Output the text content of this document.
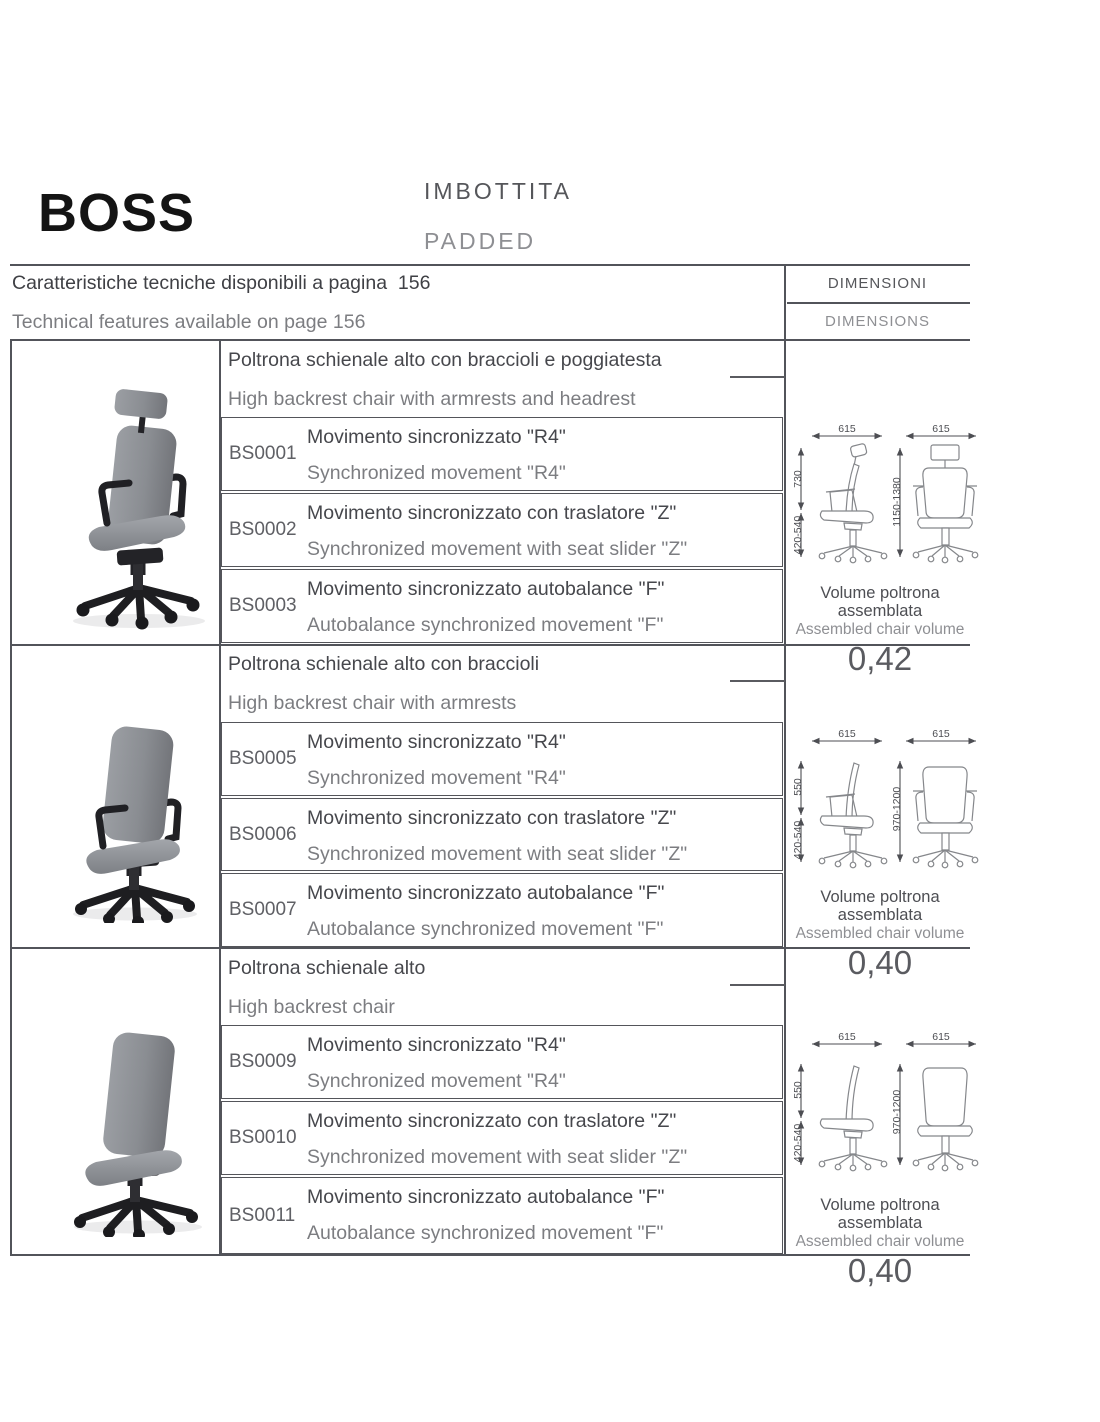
BOSS	IMBOTTITA
PADDED
Caratteristiche tecniche disponibili a pagina  156
Technical features available on page 156
DIMENSIONI
DIMENSIONS
Poltrona schienale alto con braccioli e poggiatesta
High backrest chair with armrests and headrest
BS0001
Movimento sincronizzato "R4"
Synchronized movement "R4"
BS0002
Movimento sincronizzato con traslatore "Z"
Synchronized movement with seat slider "Z"
BS0003
Movimento sincronizzato autobalance "F"
Autobalance synchronized movement "F"
615	615
730
420-540
1150-1380
Volume poltrona assemblata
Assembled chair volume
0,42
Poltrona schienale alto con braccioli
High backrest chair with armrests
BS0005
Movimento sincronizzato "R4"
Synchronized movement "R4"
BS0006
Movimento sincronizzato con traslatore "Z"
Synchronized movement with seat slider "Z"
BS0007
Movimento sincronizzato autobalance "F"
Autobalance synchronized movement "F"
615	615
550
420-540
970-1200
Volume poltrona assemblata
Assembled chair volume
0,40
Poltrona schienale alto
High backrest chair
BS0009
Movimento sincronizzato "R4"
Synchronized movement "R4"
BS0010
Movimento sincronizzato con traslatore "Z"
Synchronized movement with seat slider "Z"
BS0011
Movimento sincronizzato autobalance "F"
Autobalance synchronized movement "F"
615	615
550
420-540
970-1200
Volume poltrona assemblata
Assembled chair volume
0,40
